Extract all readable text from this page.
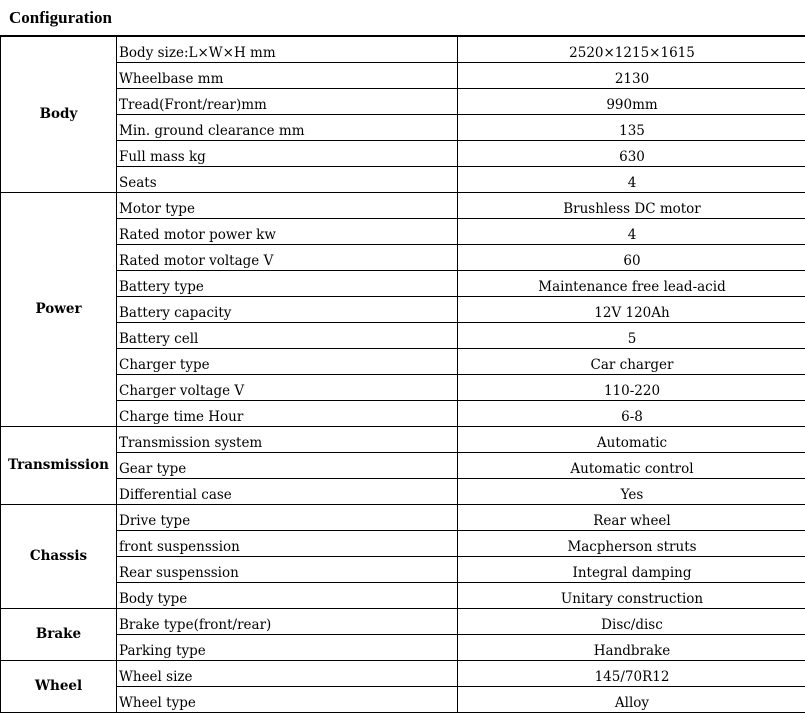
Configuration
Body	Body size:L×W×H mm	2520×1215×1615
	Wheelbase mm	2130
	Tread(Front/rear)mm	990mm
	Min. ground clearance mm	135
	Full mass kg	630
	Seats	4
Power	Motor type	Brushless DC motor
	Rated motor power kw	4
	Rated motor voltage V	60
	Battery type	Maintenance free lead-acid
	Battery capacity	12V 120Ah
	Battery cell	5
	Charger type	Car charger
	Charger voltage V	110-220
	Charge time Hour	6-8
Transmission	Transmission system	Automatic
	Gear type	Automatic control
	Differential case	Yes
Chassis	Drive type	Rear wheel
	front suspenssion	Macpherson struts
	Rear suspenssion	Integral damping
	Body type	Unitary construction
Brake	Brake type(front/rear)	Disc/disc
	Parking type	Handbrake
Wheel	Wheel size	145/70R12
	Wheel type	Alloy
